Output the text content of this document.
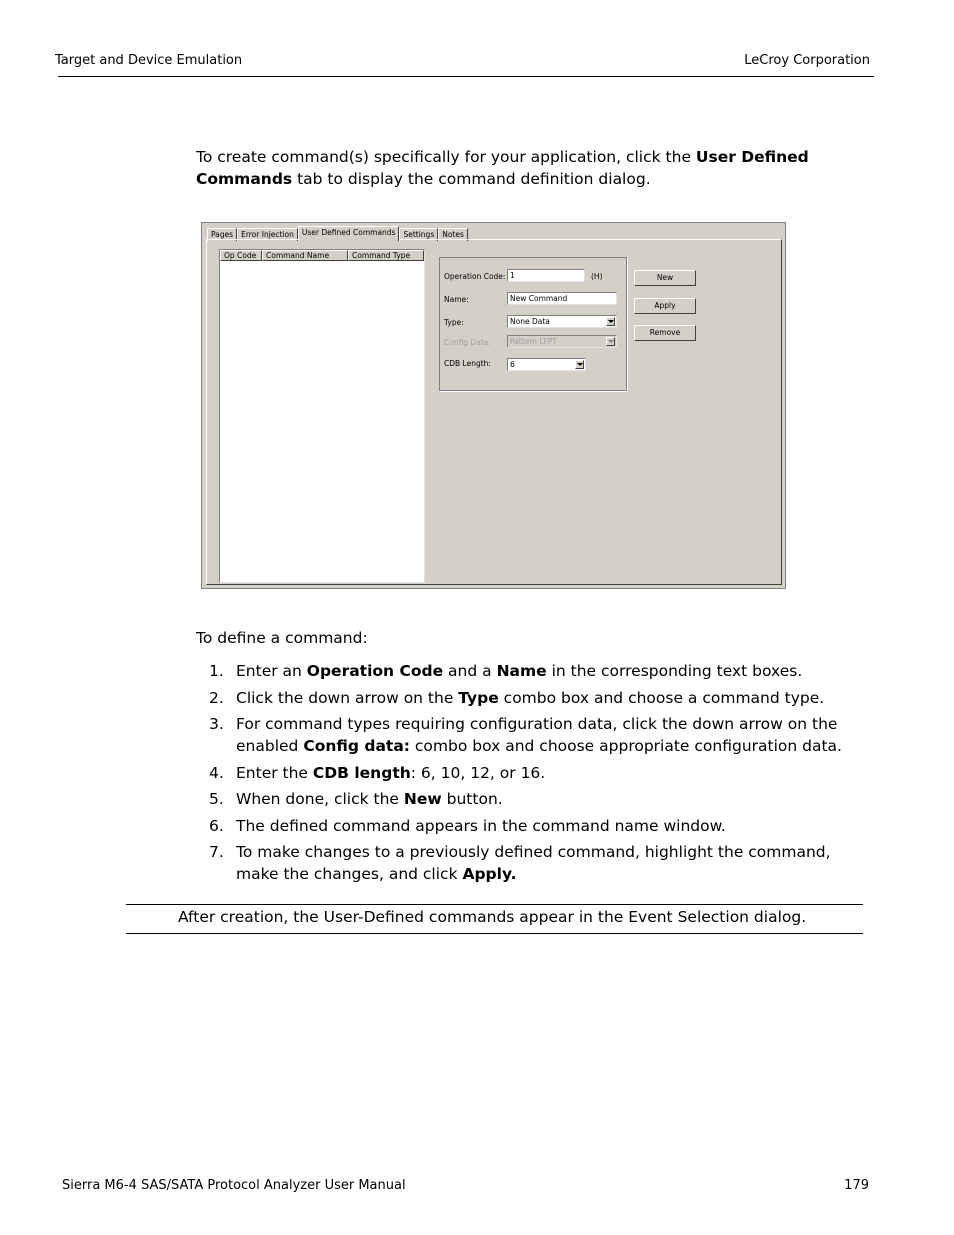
Target and Device Emulation	LeCroy Corporation
To create command(s) specifically for your application, click the User Defined Commands tab to display the command definition dialog.
Pages	Error Injection	User Defined Commands	Settings	Notes
Op Code	Command Name	Command Type
Operation Code: 1	(H)
Name:	New Command
Type:	None Data
Config Data:	Pattern LFPT
CDB Length:	6
New
Apply
Remove
To define a command:
1. Enter an Operation Code and a Name in the corresponding text boxes.
2. Click the down arrow on the Type combo box and choose a command type.
3. For command types requiring configuration data, click the down arrow on the enabled Config data: combo box and choose appropriate configuration data.
4. Enter the CDB length: 6, 10, 12, or 16.
5. When done, click the New button.
6. The defined command appears in the command name window.
7. To make changes to a previously defined command, highlight the command, make the changes, and click Apply.
After creation, the User-Defined commands appear in the Event Selection dialog.
Sierra M6-4 SAS/SATA Protocol Analyzer User Manual	179
